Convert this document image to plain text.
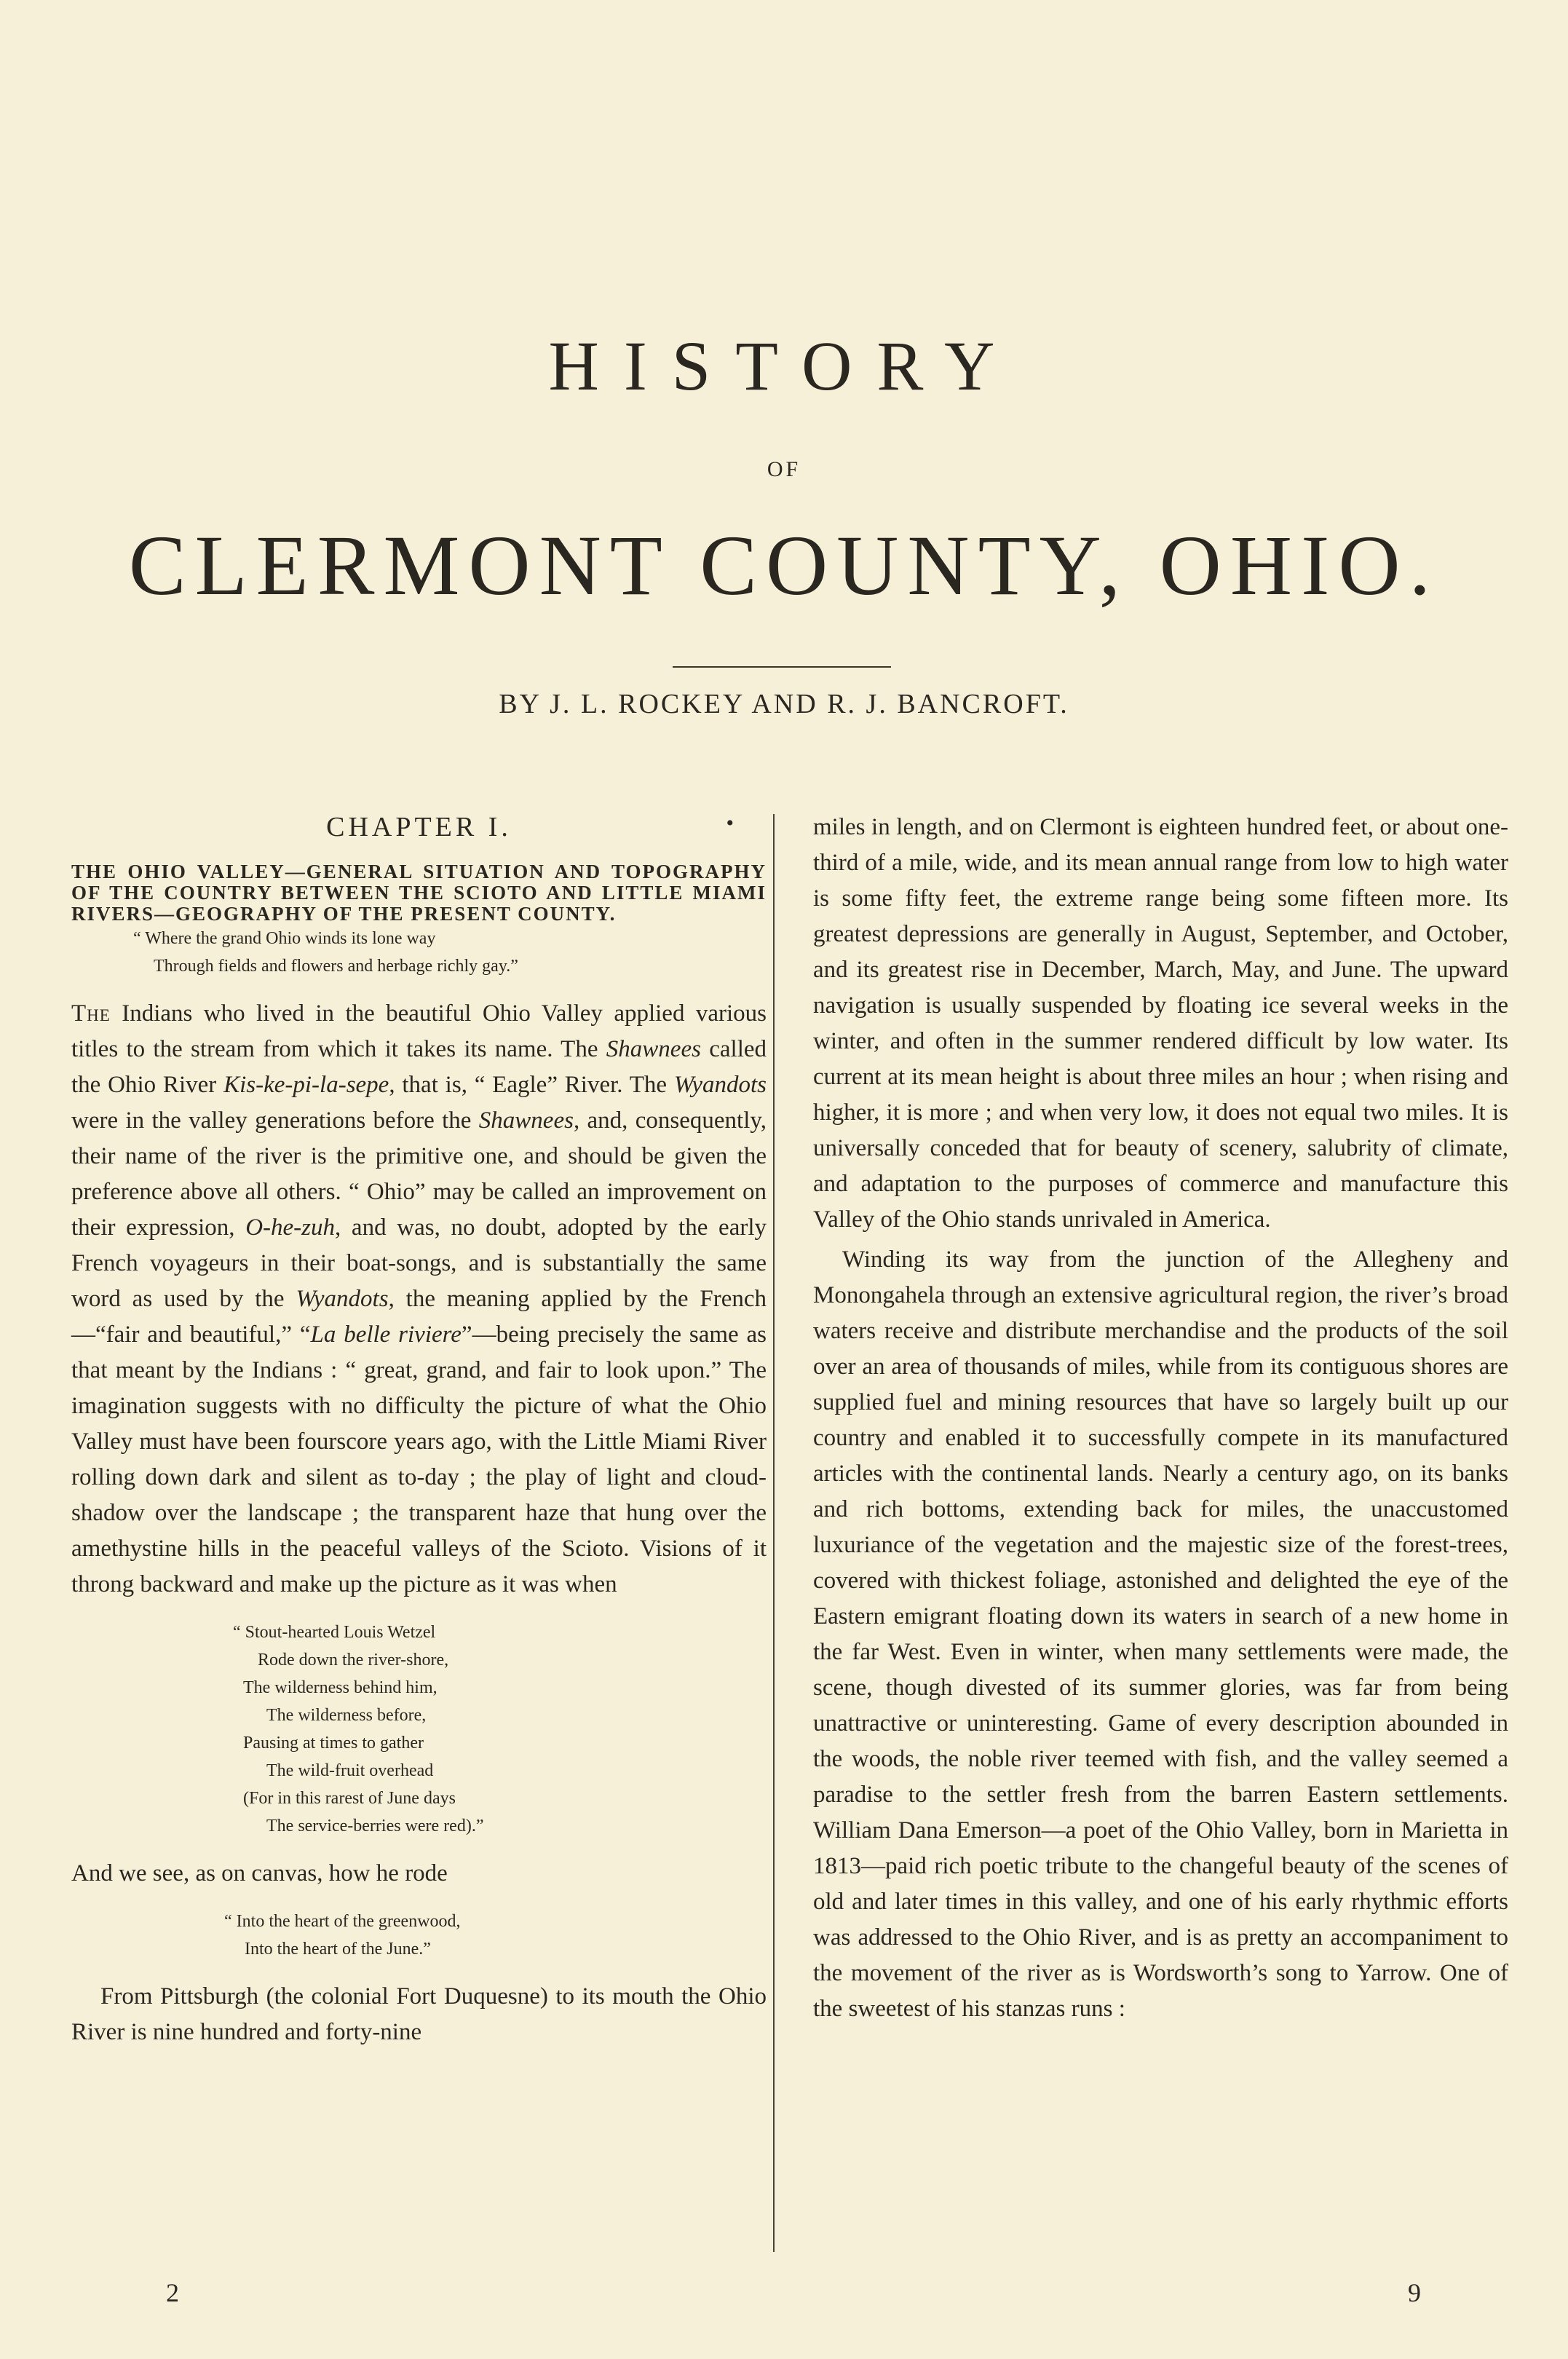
HISTORY
OF
CLERMONT COUNTY, OHIO.
BY J. L. ROCKEY AND R. J. BANCROFT.
CHAPTER I.	•

THE OHIO VALLEY—GENERAL SITUATION AND TOPOGRAPHY OF THE COUNTRY BETWEEN THE SCIOTO AND LITTLE MIAMI RIVERS—GEOGRAPHY OF THE PRESENT COUNTY.

“ Where the grand Ohio winds its lone way
Through fields and flowers and herbage richly gay.”

The Indians who lived in the beautiful Ohio Valley applied various titles to the stream from which it takes its name. The Shawnees called the Ohio River Kis-ke-pi-la-sepe, that is, “ Eagle” River. The Wyandots were in the valley generations before the Shawnees, and, consequently, their name of the river is the primitive one, and should be given the preference above all others. “ Ohio” may be called an improvement on their expression, O-he-zuh, and was, no doubt, adopted by the early French voyageurs in their boat-songs, and is substantially the same word as used by the Wyandots, the meaning applied by the French—“fair and beautiful,” “La belle riviere”—being precisely the same as that meant by the Indians : “ great, grand, and fair to look upon.” The imagination suggests with no difficulty the picture of what the Ohio Valley must have been fourscore years ago, with the Little Miami River rolling down dark and silent as to-day ; the play of light and cloud-shadow over the landscape ; the transparent haze that hung over the amethystine hills in the peaceful valleys of the Scioto. Visions of it throng backward and make up the picture as it was when

“ Stout-hearted Louis Wetzel
Rode down the river-shore,
The wilderness behind him,
The wilderness before,
Pausing at times to gather
The wild-fruit overhead
(For in this rarest of June days
The service-berries were red).”

And we see, as on canvas, how he rode

“ Into the heart of the greenwood,
Into the heart of the June.”

From Pittsburgh (the colonial Fort Duquesne) to its mouth the Ohio River is nine hundred and forty-nine

miles in length, and on Clermont is eighteen hundred feet, or about one-third of a mile, wide, and its mean annual range from low to high water is some fifty feet, the extreme range being some fifteen more. Its greatest depressions are generally in August, September, and October, and its greatest rise in December, March, May, and June. The upward navigation is usually suspended by floating ice several weeks in the winter, and often in the summer rendered difficult by low water. Its current at its mean height is about three miles an hour ; when rising and higher, it is more ; and when very low, it does not equal two miles. It is universally conceded that for beauty of scenery, salubrity of climate, and adaptation to the purposes of commerce and manufacture this Valley of the Ohio stands unrivaled in America.

Winding its way from the junction of the Allegheny and Monongahela through an extensive agricultural region, the river’s broad waters receive and distribute merchandise and the products of the soil over an area of thousands of miles, while from its contiguous shores are supplied fuel and mining resources that have so largely built up our country and enabled it to successfully compete in its manufactured articles with the continental lands. Nearly a century ago, on its banks and rich bottoms, extending back for miles, the unaccustomed luxuriance of the vegetation and the majestic size of the forest-trees, covered with thickest foliage, astonished and delighted the eye of the Eastern emigrant floating down its waters in search of a new home in the far West. Even in winter, when many settlements were made, the scene, though divested of its summer glories, was far from being unattractive or uninteresting. Game of every description abounded in the woods, the noble river teemed with fish, and the valley seemed a paradise to the settler fresh from the barren Eastern settlements. William Dana Emerson—a poet of the Ohio Valley, born in Marietta in 1813—paid rich poetic tribute to the changeful beauty of the scenes of old and later times in this valley, and one of his early rhythmic efforts was addressed to the Ohio River, and is as pretty an accompaniment to the movement of the river as is Wordsworth’s song to Yarrow. One of the sweetest of his stanzas runs :

2	9
